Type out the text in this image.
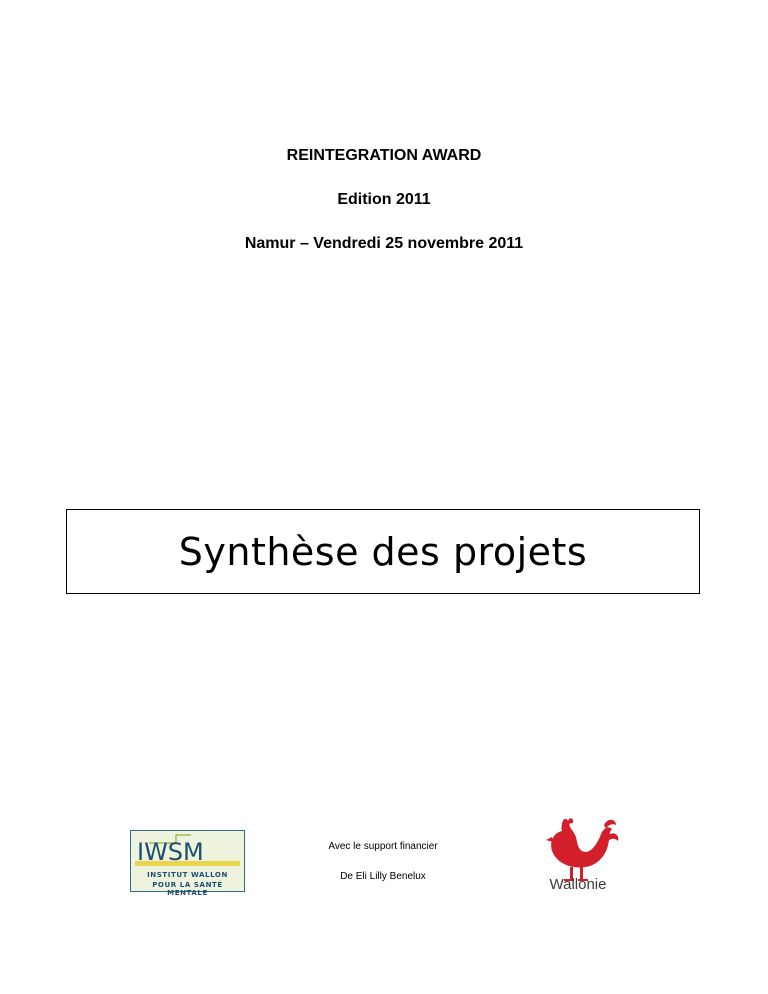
REINTEGRATION AWARD
Edition 2011
Namur – Vendredi 25 novembre 2011
Synthèse des projets
IWSM
INSTITUT WALLON
POUR LA SANTÉ MENTALE
Avec le support financier
De Eli Lilly Benelux	Wallonie
